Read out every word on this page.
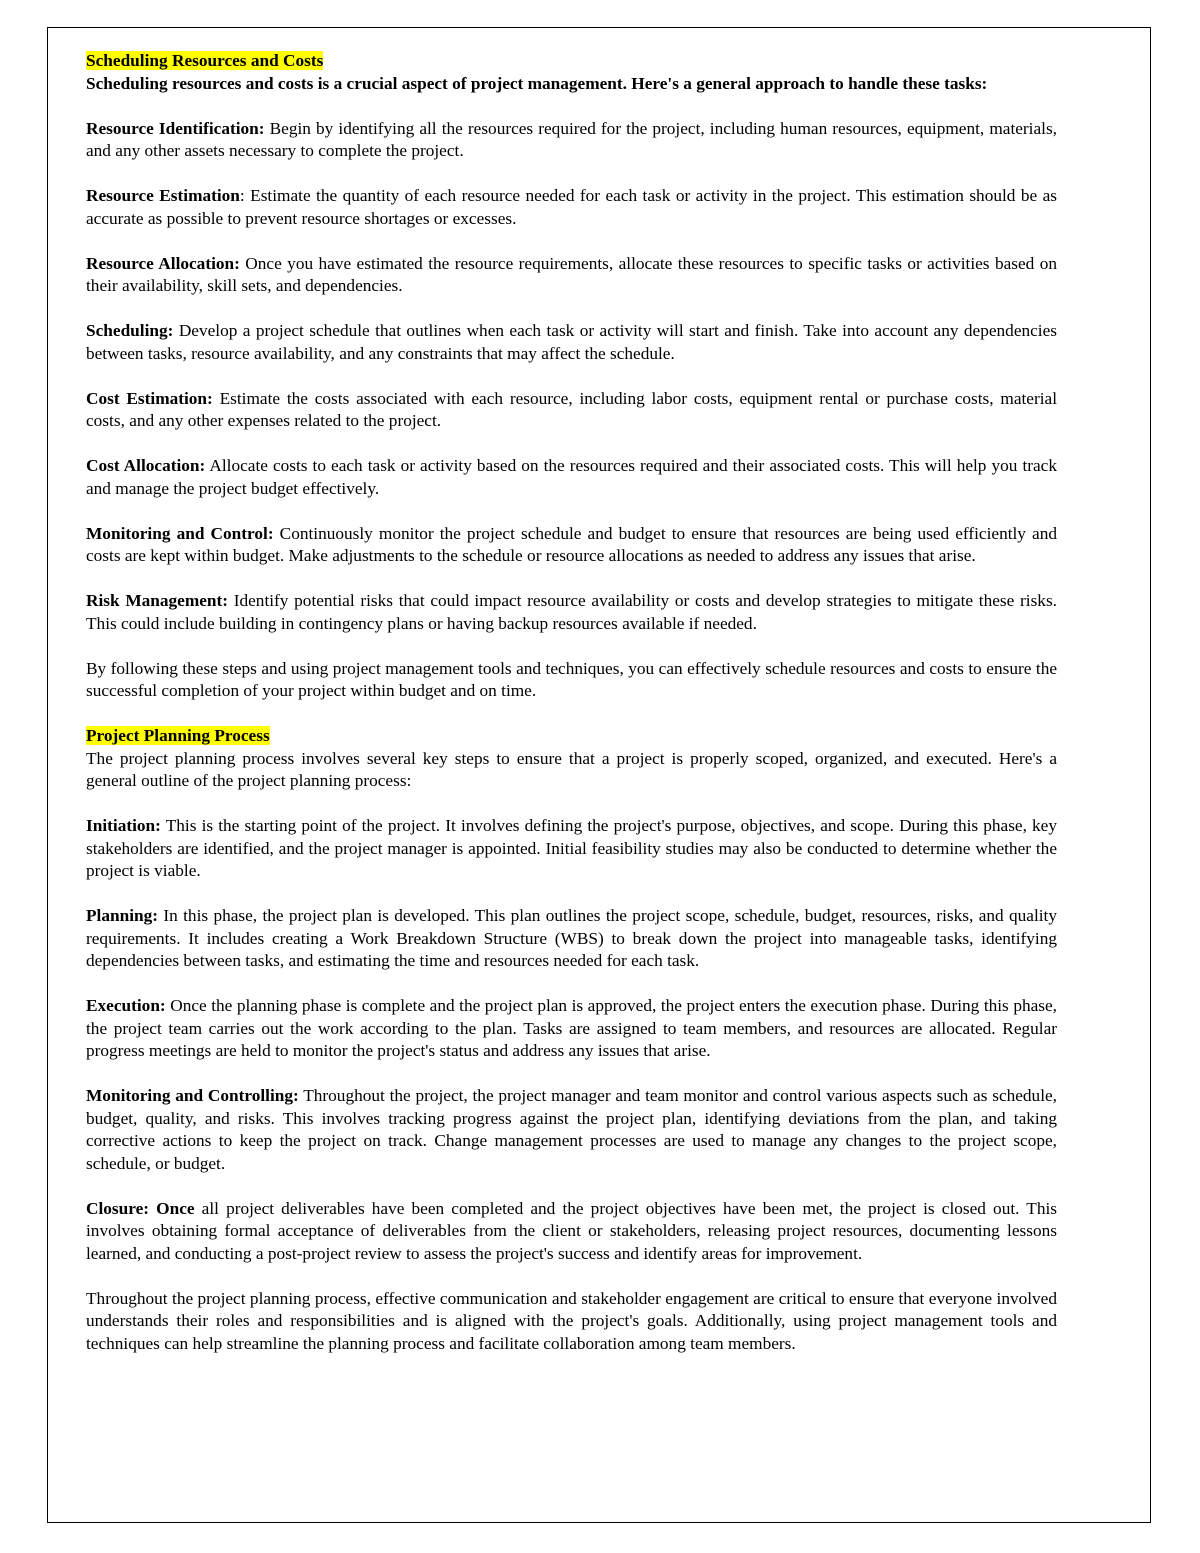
Scheduling Resources and Costs

Scheduling resources and costs is a crucial aspect of project management. Here's a general approach to handle these tasks:

Resource Identification: Begin by identifying all the resources required for the project, including human resources, equipment, materials, and any other assets necessary to complete the project.

Resource Estimation: Estimate the quantity of each resource needed for each task or activity in the project. This estimation should be as accurate as possible to prevent resource shortages or excesses.

Resource Allocation: Once you have estimated the resource requirements, allocate these resources to specific tasks or activities based on their availability, skill sets, and dependencies.

Scheduling: Develop a project schedule that outlines when each task or activity will start and finish. Take into account any dependencies between tasks, resource availability, and any constraints that may affect the schedule.

Cost Estimation: Estimate the costs associated with each resource, including labor costs, equipment rental or purchase costs, material costs, and any other expenses related to the project.

Cost Allocation: Allocate costs to each task or activity based on the resources required and their associated costs. This will help you track and manage the project budget effectively.

Monitoring and Control: Continuously monitor the project schedule and budget to ensure that resources are being used efficiently and costs are kept within budget. Make adjustments to the schedule or resource allocations as needed to address any issues that arise.

Risk Management: Identify potential risks that could impact resource availability or costs and develop strategies to mitigate these risks. This could include building in contingency plans or having backup resources available if needed.

By following these steps and using project management tools and techniques, you can effectively schedule resources and costs to ensure the successful completion of your project within budget and on time.

Project Planning Process

The project planning process involves several key steps to ensure that a project is properly scoped, organized, and executed. Here's a general outline of the project planning process:

Initiation: This is the starting point of the project. It involves defining the project's purpose, objectives, and scope. During this phase, key stakeholders are identified, and the project manager is appointed. Initial feasibility studies may also be conducted to determine whether the project is viable.

Planning: In this phase, the project plan is developed. This plan outlines the project scope, schedule, budget, resources, risks, and quality requirements. It includes creating a Work Breakdown Structure (WBS) to break down the project into manageable tasks, identifying dependencies between tasks, and estimating the time and resources needed for each task.

Execution: Once the planning phase is complete and the project plan is approved, the project enters the execution phase. During this phase, the project team carries out the work according to the plan. Tasks are assigned to team members, and resources are allocated. Regular progress meetings are held to monitor the project's status and address any issues that arise.

Monitoring and Controlling: Throughout the project, the project manager and team monitor and control various aspects such as schedule, budget, quality, and risks. This involves tracking progress against the project plan, identifying deviations from the plan, and taking corrective actions to keep the project on track. Change management processes are used to manage any changes to the project scope, schedule, or budget.

Closure: Once all project deliverables have been completed and the project objectives have been met, the project is closed out. This involves obtaining formal acceptance of deliverables from the client or stakeholders, releasing project resources, documenting lessons learned, and conducting a post-project review to assess the project's success and identify areas for improvement.

Throughout the project planning process, effective communication and stakeholder engagement are critical to ensure that everyone involved understands their roles and responsibilities and is aligned with the project's goals. Additionally, using project management tools and techniques can help streamline the planning process and facilitate collaboration among team members.
